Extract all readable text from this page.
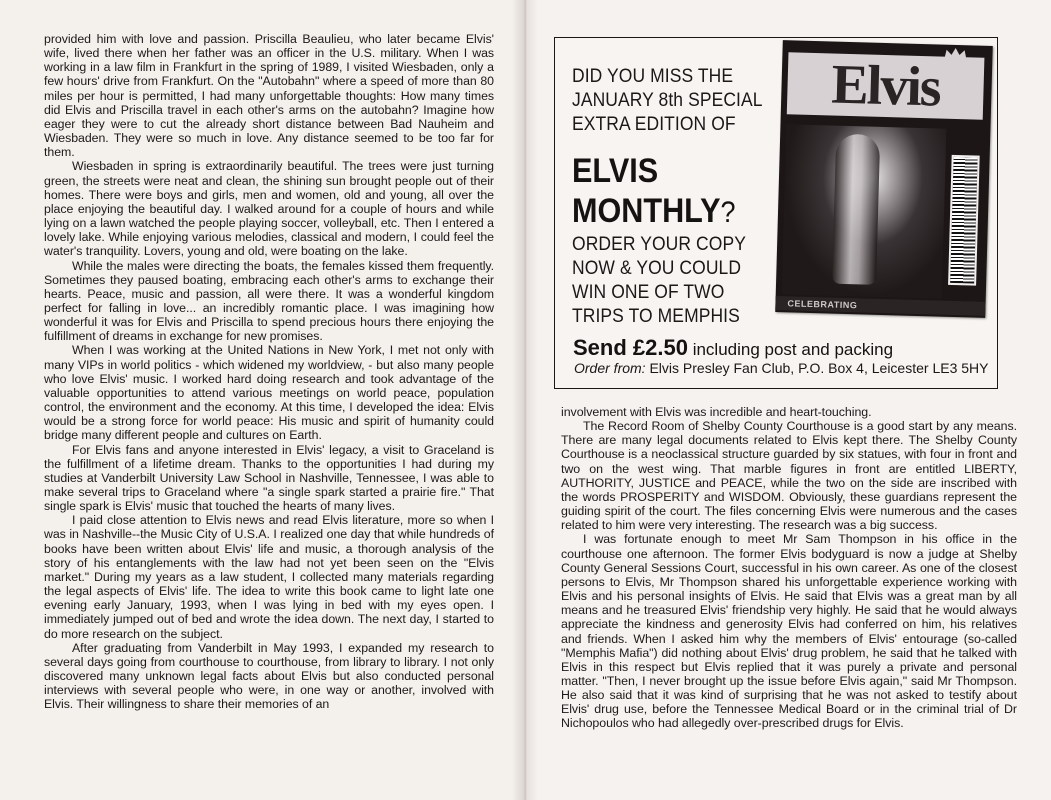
provided him with love and passion. Priscilla Beaulieu, who later became Elvis' wife, lived there when her father was an officer in the U.S. military. When I was working in a law film in Frankfurt in the spring of 1989, I visited Wiesbaden, only a few hours' drive from Frankfurt. On the "Autobahn" where a speed of more than 80 miles per hour is permitted, I had many unforgettable thoughts: How many times did Elvis and Priscilla travel in each other's arms on the autobahn? Imagine how eager they were to cut the already short distance between Bad Nauheim and Wiesbaden. They were so much in love. Any distance seemed to be too far for them.

Wiesbaden in spring is extraordinarily beautiful. The trees were just turning green, the streets were neat and clean, the shining sun brought people out of their homes. There were boys and girls, men and women, old and young, all over the place enjoying the beautiful day. I walked around for a couple of hours and while lying on a lawn watched the people playing soccer, volleyball, etc. Then I entered a lovely lake. While enjoying various melodies, classical and modern, I could feel the water's tranquility. Lovers, young and old, were boating on the lake.

While the males were directing the boats, the females kissed them frequently. Sometimes they paused boating, embracing each other's arms to exchange their hearts. Peace, music and passion, all were there. It was a wonderful kingdom perfect for falling in love... an incredibly romantic place. I was imagining how wonderful it was for Elvis and Priscilla to spend precious hours there enjoying the fulfillment of dreams in exchange for new promises.

When I was working at the United Nations in New York, I met not only with many VIPs in world politics - which widened my worldview, - but also many people who love Elvis' music. I worked hard doing research and took advantage of the valuable opportunities to attend various meetings on world peace, population control, the environment and the economy. At this time, I developed the idea: Elvis would be a strong force for world peace: His music and spirit of humanity could bridge many different people and cultures on Earth.

For Elvis fans and anyone interested in Elvis' legacy, a visit to Graceland is the fulfillment of a lifetime dream. Thanks to the opportunities I had during my studies at Vanderbilt University Law School in Nashville, Tennessee, I was able to make several trips to Graceland where "a single spark started a prairie fire." That single spark is Elvis' music that touched the hearts of many lives.

I paid close attention to Elvis news and read Elvis literature, more so when I was in Nashville--the Music City of U.S.A. I realized one day that while hundreds of books have been written about Elvis' life and music, a thorough analysis of the story of his entanglements with the law had not yet been seen on the "Elvis market." During my years as a law student, I collected many materials regarding the legal aspects of Elvis' life. The idea to write this book came to light late one evening early January, 1993, when I was lying in bed with my eyes open. I immediately jumped out of bed and wrote the idea down. The next day, I started to do more research on the subject.

After graduating from Vanderbilt in May 1993, I expanded my research to several days going from courthouse to courthouse, from library to library. I not only discovered many unknown legal facts about Elvis but also conducted personal interviews with several people who were, in one way or another, involved with Elvis. Their willingness to share their memories of an

DID YOU MISS THE
JANUARY 8th SPECIAL
EXTRA EDITION OF
ELVIS
MONTHLY?
ORDER YOUR COPY
NOW & YOU COULD
WIN ONE OF TWO
TRIPS TO MEMPHIS
Elvis
CELEBRATING
Send £2.50 including post and packing
Order from: Elvis Presley Fan Club, P.O. Box 4, Leicester LE3 5HY

involvement with Elvis was incredible and heart-touching.

The Record Room of Shelby County Courthouse is a good start by any means. There are many legal documents related to Elvis kept there. The Shelby County Courthouse is a neoclassical structure guarded by six statues, with four in front and two on the west wing. That marble figures in front are entitled LIBERTY, AUTHORITY, JUSTICE and PEACE, while the two on the side are inscribed with the words PROSPERITY and WISDOM. Obviously, these guardians represent the guiding spirit of the court. The files concerning Elvis were numerous and the cases related to him were very interesting. The research was a big success.

I was fortunate enough to meet Mr Sam Thompson in his office in the courthouse one afternoon. The former Elvis bodyguard is now a judge at Shelby County General Sessions Court, successful in his own career. As one of the closest persons to Elvis, Mr Thompson shared his unforgettable experience working with Elvis and his personal insights of Elvis. He said that Elvis was a great man by all means and he treasured Elvis' friendship very highly. He said that he would always appreciate the kindness and generosity Elvis had conferred on him, his relatives and friends. When I asked him why the members of Elvis' entourage (so-called "Memphis Mafia") did nothing about Elvis' drug problem, he said that he talked with Elvis in this respect but Elvis replied that it was purely a private and personal matter. "Then, I never brought up the issue before Elvis again," said Mr Thompson. He also said that it was kind of surprising that he was not asked to testify about Elvis' drug use, before the Tennessee Medical Board or in the criminal trial of Dr Nichopoulos who had allegedly over-prescribed drugs for Elvis.
